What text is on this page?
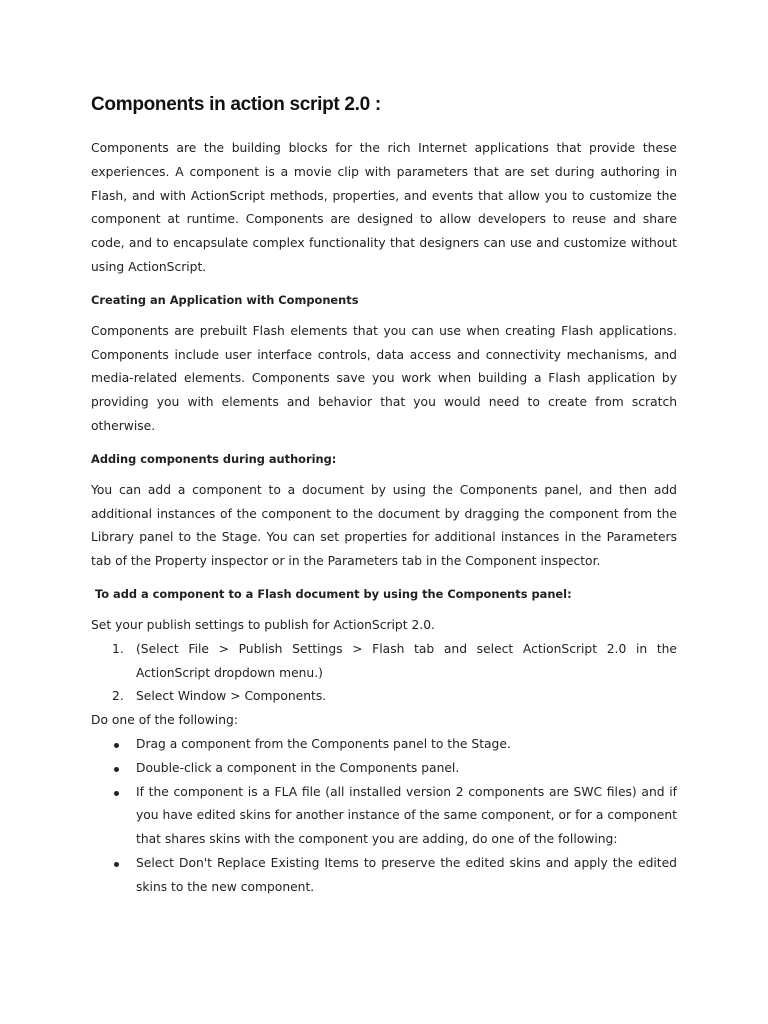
Components in action script 2.0 :

Components are the building blocks for the rich Internet applications that provide these experiences. A component is a movie clip with parameters that are set during authoring in Flash, and with ActionScript methods, properties, and events that allow you to customize the component at runtime. Components are designed to allow developers to reuse and share code, and to encapsulate complex functionality that designers can use and customize without using ActionScript.

Creating an Application with Components

Components are prebuilt Flash elements that you can use when creating Flash applications. Components include user interface controls, data access and connectivity mechanisms, and media-related elements. Components save you work when building a Flash application by providing you with elements and behavior that you would need to create from scratch otherwise.

Adding components during authoring:

You can add a component to a document by using the Components panel, and then add additional instances of the component to the document by dragging the component from the Library panel to the Stage. You can set properties for additional instances in the Parameters tab of the Property inspector or in the Parameters tab in the Component inspector.

To add a component to a Flash document by using the Components panel:

Set your publish settings to publish for ActionScript 2.0.

1. (Select File > Publish Settings > Flash tab and select ActionScript 2.0 in the ActionScript dropdown menu.)
2. Select Window > Components.

Do one of the following:

Drag a component from the Components panel to the Stage.
Double-click a component in the Components panel.
If the component is a FLA file (all installed version 2 components are SWC files) and if you have edited skins for another instance of the same component, or for a component that shares skins with the component you are adding, do one of the following:
Select Don't Replace Existing Items to preserve the edited skins and apply the edited skins to the new component.
